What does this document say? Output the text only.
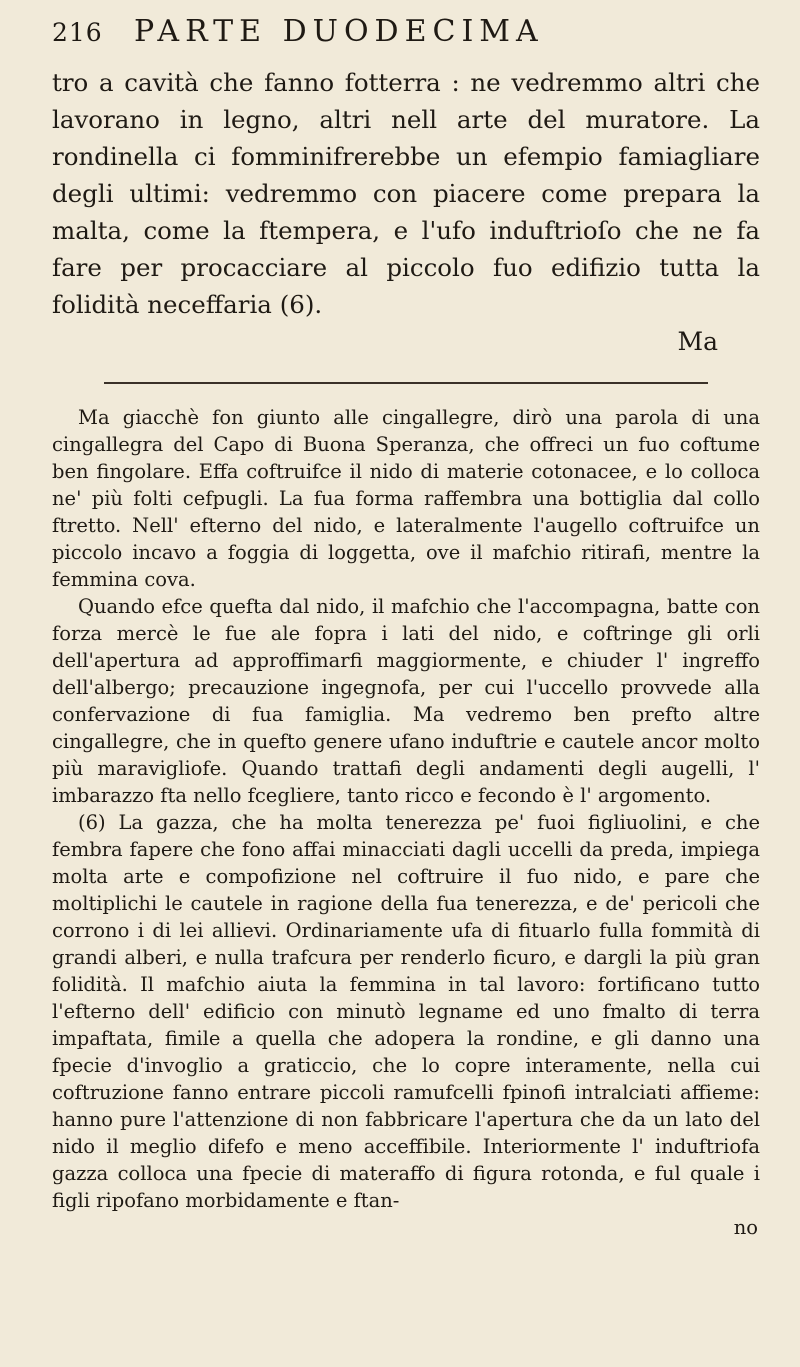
216	PARTE DUODECIMA

tro a cavità che fanno fotterra : ne vedremmo altri che lavorano in legno, altri nell arte del muratore. La rondinella ci fomminifrerebbe un efempio famiagliare degli ultimi: vedremmo con piacere come prepara la malta, come la ftempera, e l'ufo induftrioſo che ne fa fare per procacciare al piccolo fuo edifizio tutta la folidità neceffaria (6).

Ma

Ma giacchè fon giunto alle cingallegre, dirò una parola di una cingallegra del Capo di Buona Speranza, che offreci un fuo coftume ben fingolare. Effa coftruifce il nido di materie cotonacee, e lo colloca ne' più folti cefpugli. La fua forma raffembra una bottiglia dal collo ftretto. Nell' efterno del nido, e lateralmente l'augello coftruifce un piccolo incavo a foggia di loggetta, ove il mafchio ritirafi, mentre la femmina cova.

Quando efce quefta dal nido, il mafchio che l'accompagna, batte con forza mercè le fue ale fopra i lati del nido, e coftringe gli orli dell'apertura ad approffimarfi maggiormente, e chiuder l' ingreffo dell'albergo; precauzione ingegnofa, per cui l'uccello provvede alla confervazione di fua famiglia. Ma vedremo ben prefto altre cingallegre, che in quefto genere ufano induftrie e cautele ancor molto più maravigliofe. Quando trattafi degli andamenti degli augelli, l' imbarazzo fta nello fcegliere, tanto ricco e fecondo è l' argomento.

(6) La gazza, che ha molta tenerezza pe' fuoi figliuolini, e che fembra fapere che fono affai minacciati dagli uccelli da preda, impiega molta arte e compofizione nel coftruire il fuo nido, e pare che moltiplichi le cautele in ragione della fua tenerezza, e de' pericoli che corrono i di lei allievi. Ordinariamente ufa di fituarlo fulla fommità di grandi alberi, e nulla trafcura per renderlo ficuro, e dargli la più gran folidità. Il mafchio aiuta la femmina in tal lavoro: fortificano tutto l'efterno dell' edificio con minutò legname ed uno fmalto di terra impaftata, fimile a quella che adopera la rondine, e gli danno una fpecie d'invoglio a graticcio, che lo copre interamente, nella cui coftruzione fanno entrare piccoli ramufcelli fpinofi intralciati affieme: hanno pure l'attenzione di non fabbricare l'apertura che da un lato del nido il meglio difefo e meno acceffibile. Interiormente l' induftriofa gazza colloca una fpecie di materaffo di figura rotonda, e ful quale i figli ripofano morbidamente e ftan-

no
